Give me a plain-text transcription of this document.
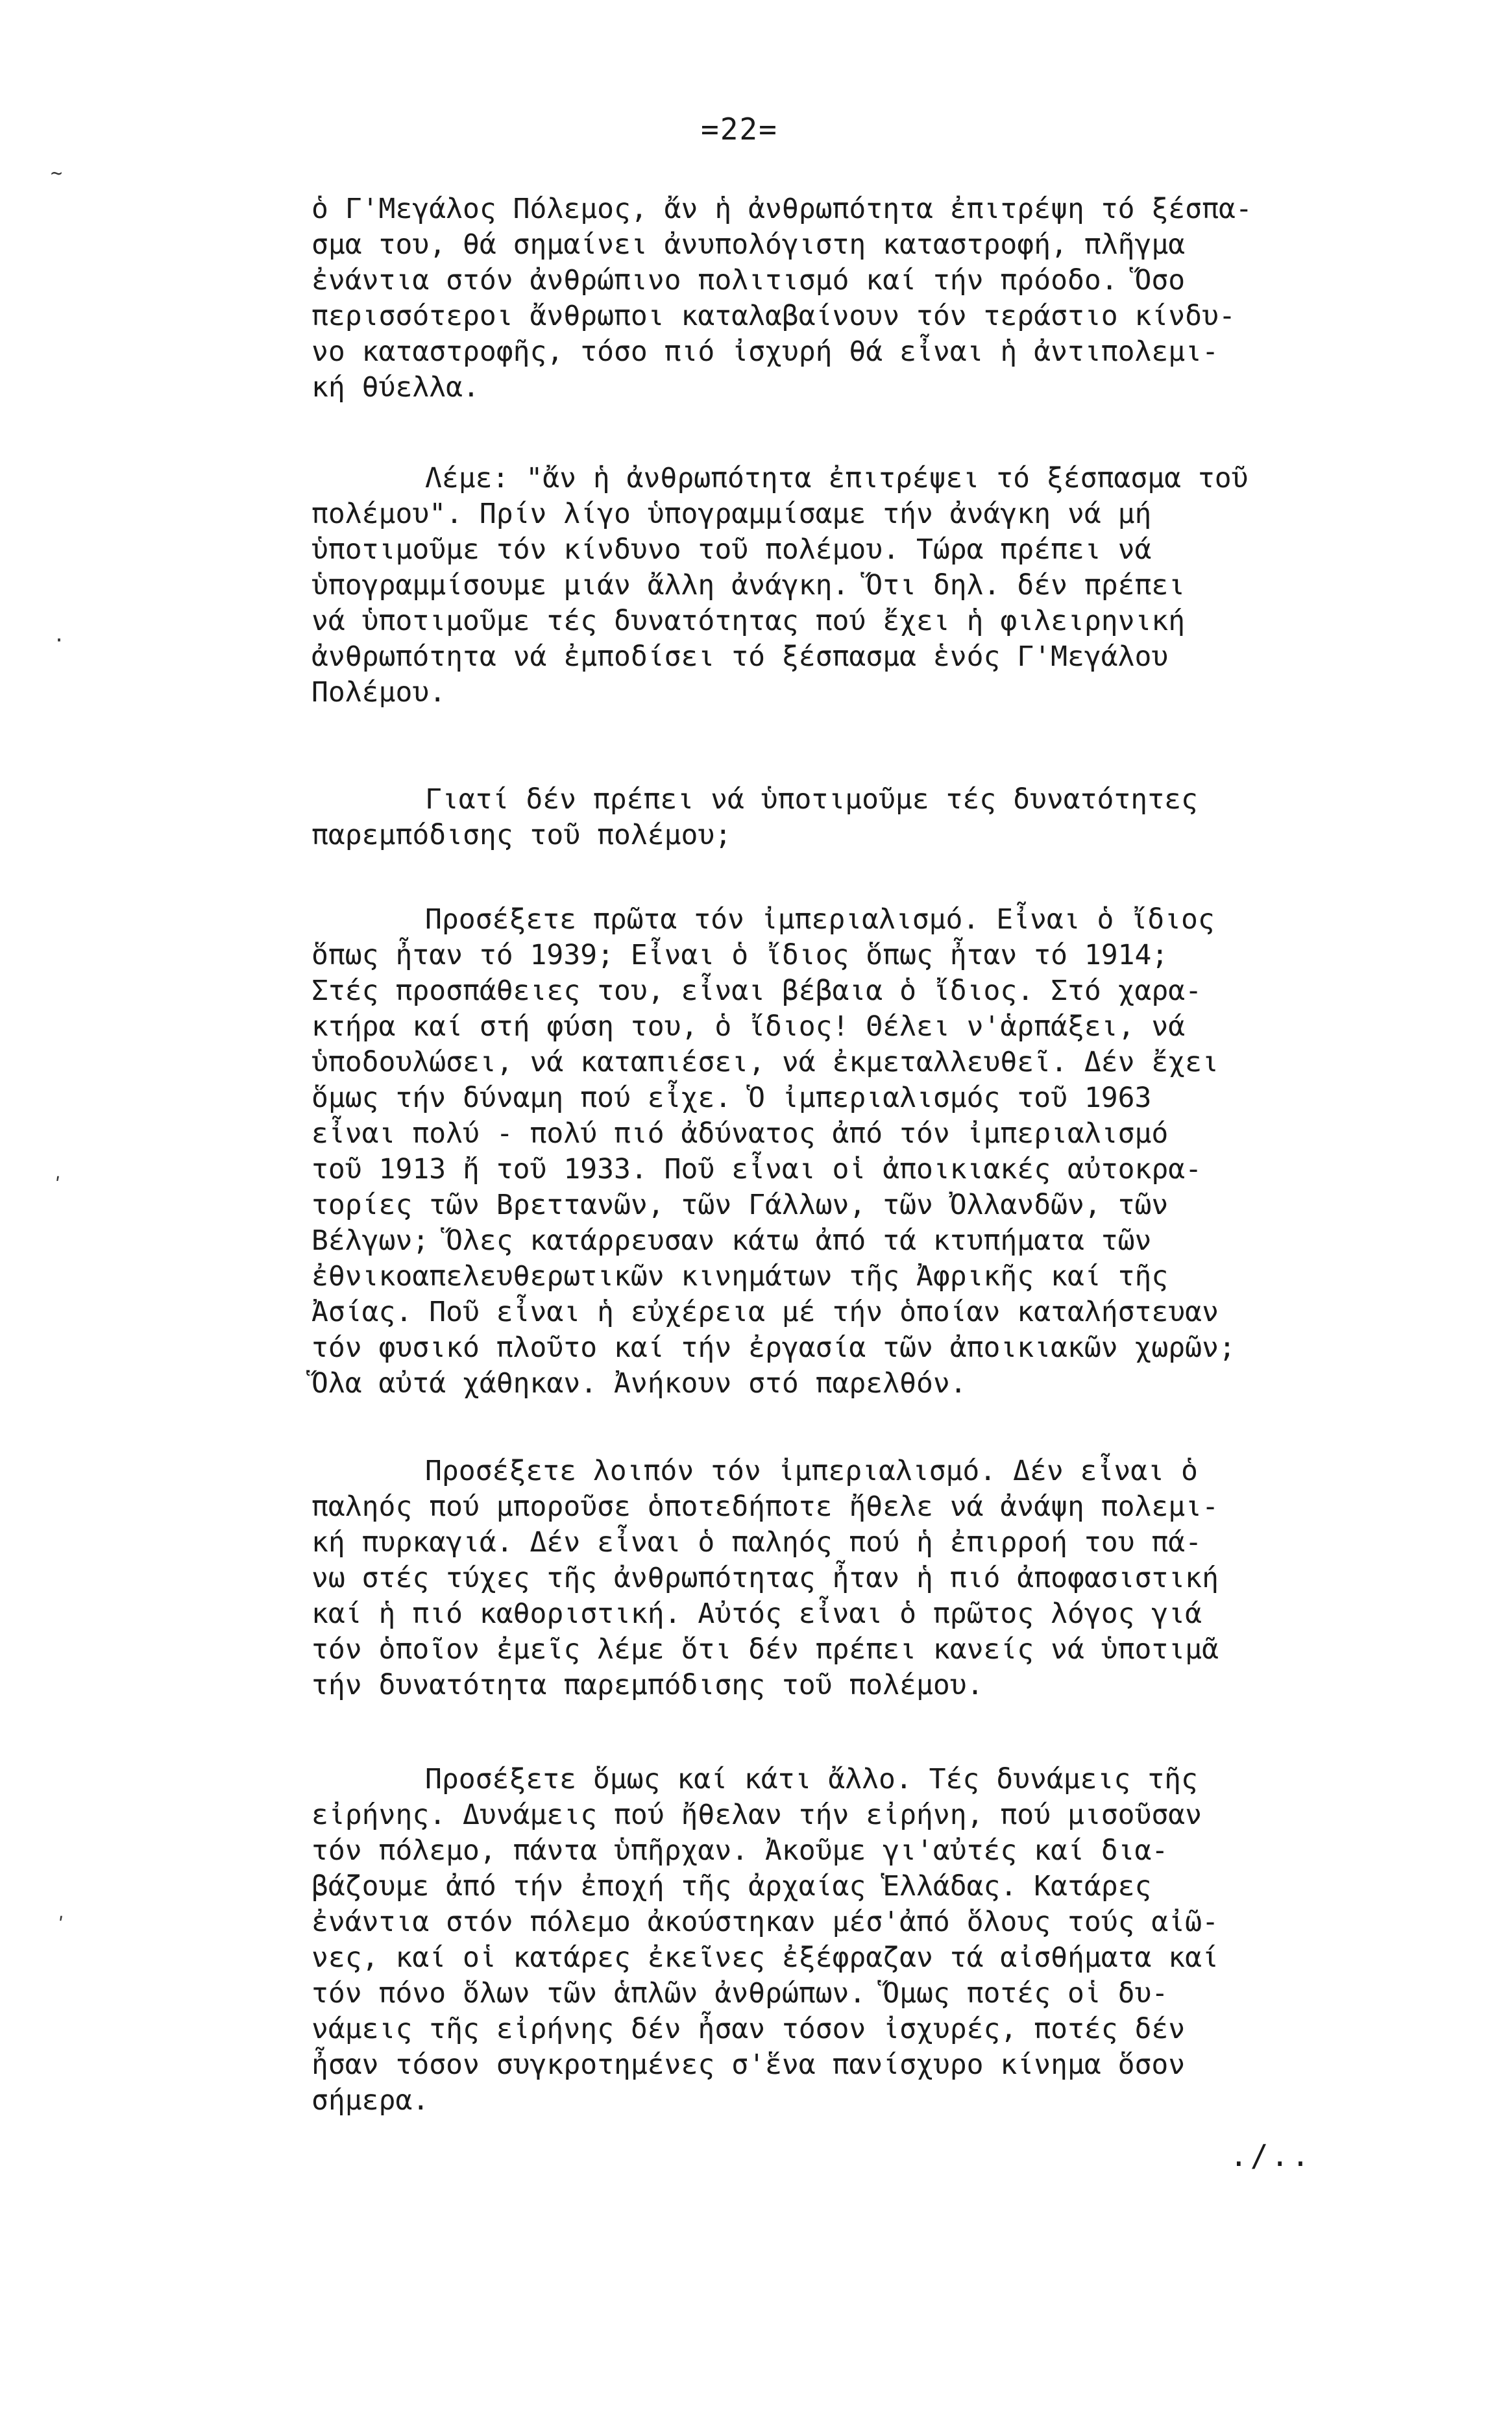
=22=
~
·
ʹ
ʹ
ὁ Γ'Μεγάλος Πόλεμος, ἄν ἡ ἀνθρωπότητα ἐπιτρέψη τό ξέσπα-
σμα του, θά σημαίνει ἀνυπολόγιστη καταστροφή, πλῆγμα
ἐνάντια στόν ἀνθρώπινο πολιτισμό καί τήν πρόοδο. Ὅσο
περισσότεροι ἄνθρωποι καταλαβαίνουν τόν τεράστιο κίνδυ-
νο καταστροφῆς, τόσο πιό ἰσχυρή θά εἶναι ἡ ἀντιπολεμι-
κή θύελλα.
Λέμε: "ἄν ἡ ἀνθρωπότητα ἐπιτρέψει τό ξέσπασμα τοῦ
πολέμου". Πρίν λίγο ὑπογραμμίσαμε τήν ἀνάγκη νά μή
ὑποτιμοῦμε τόν κίνδυνο τοῦ πολέμου. Τώρα πρέπει νά
ὑπογραμμίσουμε μιάν ἄλλη ἀνάγκη. Ὅτι δηλ. δέν πρέπει
νά ὑποτιμοῦμε τές δυνατότητας πού ἔχει ἡ φιλειρηνική
ἀνθρωπότητα νά ἐμποδίσει τό ξέσπασμα ἑνός Γ'Μεγάλου
Πολέμου.
Γιατί δέν πρέπει νά ὑποτιμοῦμε τές δυνατότητες
παρεμπόδισης τοῦ πολέμου;
Προσέξετε πρῶτα τόν ἰμπεριαλισμό. Εἶναι ὁ ἴδιος
ὅπως ἦταν τό 1939; Εἶναι ὁ ἴδιος ὅπως ἦταν τό 1914;
Στές προσπάθειες του, εἶναι βέβαια ὁ ἴδιος. Στό χαρα-
κτήρα καί στή φύση του, ὁ ἴδιος! Θέλει ν'ἁρπάξει, νά
ὑποδουλώσει, νά καταπιέσει, νά ἐκμεταλλευθεῖ. Δέν ἔχει
ὅμως τήν δύναμη πού εἶχε. Ὁ ἰμπεριαλισμός τοῦ 1963
εἶναι πολύ - πολύ πιό ἀδύνατος ἀπό τόν ἰμπεριαλισμό
τοῦ 1913 ἤ τοῦ 1933. Ποῦ εἶναι οἱ ἀποικιακές αὐτοκρα-
τορίες τῶν Βρεττανῶν, τῶν Γάλλων, τῶν Ὀλλανδῶν, τῶν
Βέλγων; Ὅλες κατάρρευσαν κάτω ἀπό τά κτυπήματα τῶν
ἐθνικοαπελευθερωτικῶν κινημάτων τῆς Ἀφρικῆς καί τῆς
Ἀσίας. Ποῦ εἶναι ἡ εὐχέρεια μέ τήν ὁποίαν καταλήστευαν
τόν φυσικό πλοῦτο καί τήν ἐργασία τῶν ἀποικιακῶν χωρῶν;
Ὅλα αὐτά χάθηκαν. Ἀνήκουν στό παρελθόν.
Προσέξετε λοιπόν τόν ἰμπεριαλισμό. Δέν εἶναι ὁ
παληός πού μποροῦσε ὁποτεδήποτε ἤθελε νά ἀνάψη πολεμι-
κή πυρκαγιά. Δέν εἶναι ὁ παληός πού ἡ ἐπιρροή του πά-
νω στές τύχες τῆς ἀνθρωπότητας ἦταν ἡ πιό ἀποφασιστική
καί ἡ πιό καθοριστική. Αὐτός εἶναι ὁ πρῶτος λόγος γιά
τόν ὁποῖον ἐμεῖς λέμε ὅτι δέν πρέπει κανείς νά ὑποτιμᾶ
τήν δυνατότητα παρεμπόδισης τοῦ πολέμου.
Προσέξετε ὅμως καί κάτι ἄλλο. Τές δυνάμεις τῆς
εἰρήνης. Δυνάμεις πού ἤθελαν τήν εἰρήνη, πού μισοῦσαν
τόν πόλεμο, πάντα ὑπῆρχαν. Ἀκοῦμε γι'αὐτές καί δια-
βάζουμε ἀπό τήν ἐποχή τῆς ἀρχαίας Ἑλλάδας. Κατάρες
ἐνάντια στόν πόλεμο ἀκούστηκαν μέσ'ἀπό ὅλους τούς αἰῶ-
νες, καί οἱ κατάρες ἐκεῖνες ἐξέφραζαν τά αἰσθήματα καί
τόν πόνο ὅλων τῶν ἁπλῶν ἀνθρώπων. Ὅμως ποτές οἱ δυ-
νάμεις τῆς εἰρήνης δέν ἦσαν τόσον ἰσχυρές, ποτές δέν
ἦσαν τόσον συγκροτημένες σ'ἕνα πανίσχυρο κίνημα ὅσον
σήμερα.
./..
